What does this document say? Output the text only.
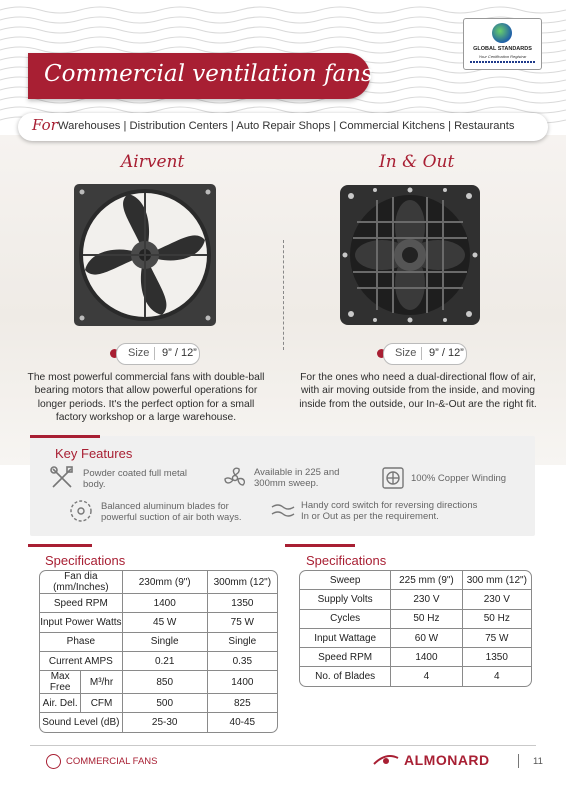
Commercial ventilation fans
GLOBAL STANDARDS
Your Certification Registrar
For Warehouses | Distribution Centers | Auto Repair Shops | Commercial Kitchens | Restaurants
Airvent	In & Out
Size 9” / 12”	Size 9” / 12”
The most powerful commercial fans with double-ball bearing motors that allow powerful operations for longer periods. It's the perfect option for a small factory workshop or a large warehouse.
For the ones who need a dual-directional flow of air, with air moving outside from the inside, and moving inside from the outside, our In-&-Out are the right fit.
Key Features
Powder coated full metal
body.
Available in 225 and
300mm sweep.	100% Copper Winding
Balanced aluminum blades for
powerful suction of air both ways.
Handy cord switch for reversing directions
In or Out as per the requirement.
Specifications
Fan dia (mm/Inches)		230mm (9")	300mm (12")
Speed RPM		1400	1350
Input Power Watts		45 W	75 W
Phase		Single	Single
Current AMPS		0.21	0.35
Max Free	M³/hr	850	1400
Air. Del.	CFM	500	825
Sound Level (dB)		25-30	40-45
Specifications
Sweep	225 mm (9")	300 mm (12")
Supply Volts	230 V	230 V
Cycles	50 Hz	50 Hz
Input Wattage	60 W	75 W
Speed RPM	1400	1350
No. of Blades	4	4
COMMERCIAL FANS	ALMONARD	11
